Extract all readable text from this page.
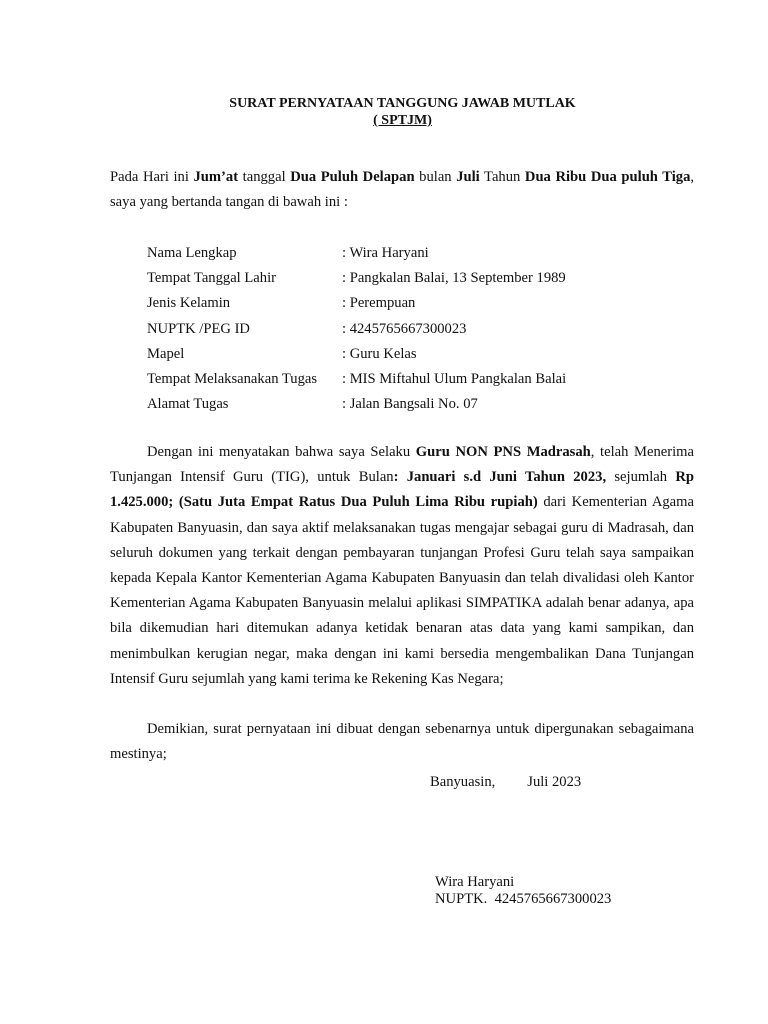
SURAT PERNYATAAN TANGGUNG JAWAB MUTLAK
( SPTJM)
Pada Hari ini Jum’at tanggal Dua Puluh Delapan bulan Juli Tahun Dua Ribu Dua puluh Tiga, saya yang bertanda tangan di bawah ini :
Nama Lengkap	: Wira Haryani
Tempat Tanggal Lahir	: Pangkalan Balai, 13 September 1989
Jenis Kelamin	: Perempuan
NUPTK /PEG ID	: 4245765667300023
Mapel	: Guru Kelas
Tempat Melaksanakan Tugas	: MIS Miftahul Ulum Pangkalan Balai
Alamat Tugas	: Jalan Bangsali No. 07
Dengan ini menyatakan bahwa saya Selaku Guru NON PNS Madrasah, telah Menerima Tunjangan Intensif Guru (TIG), untuk Bulan: Januari s.d Juni Tahun 2023, sejumlah Rp 1.425.000; (Satu Juta Empat Ratus Dua Puluh Lima Ribu rupiah) dari Kementerian Agama Kabupaten Banyuasin, dan saya aktif melaksanakan tugas mengajar sebagai guru di Madrasah, dan seluruh dokumen yang terkait dengan pembayaran tunjangan Profesi Guru telah saya sampaikan kepada Kepala Kantor Kementerian Agama Kabupaten Banyuasin dan telah divalidasi oleh Kantor Kementerian Agama Kabupaten Banyuasin melalui aplikasi SIMPATIKA adalah benar adanya, apa bila dikemudian hari ditemukan adanya ketidak benaran atas data yang kami sampikan, dan menimbulkan kerugian negar, maka dengan ini kami bersedia mengembalikan Dana Tunjangan Intensif Guru sejumlah yang kami terima ke Rekening Kas Negara;
Demikian, surat pernyataan ini dibuat dengan sebenarnya untuk dipergunakan sebagaimana mestinya;
Banyuasin, Juli 2023
Wira Haryani
NUPTK.  4245765667300023
